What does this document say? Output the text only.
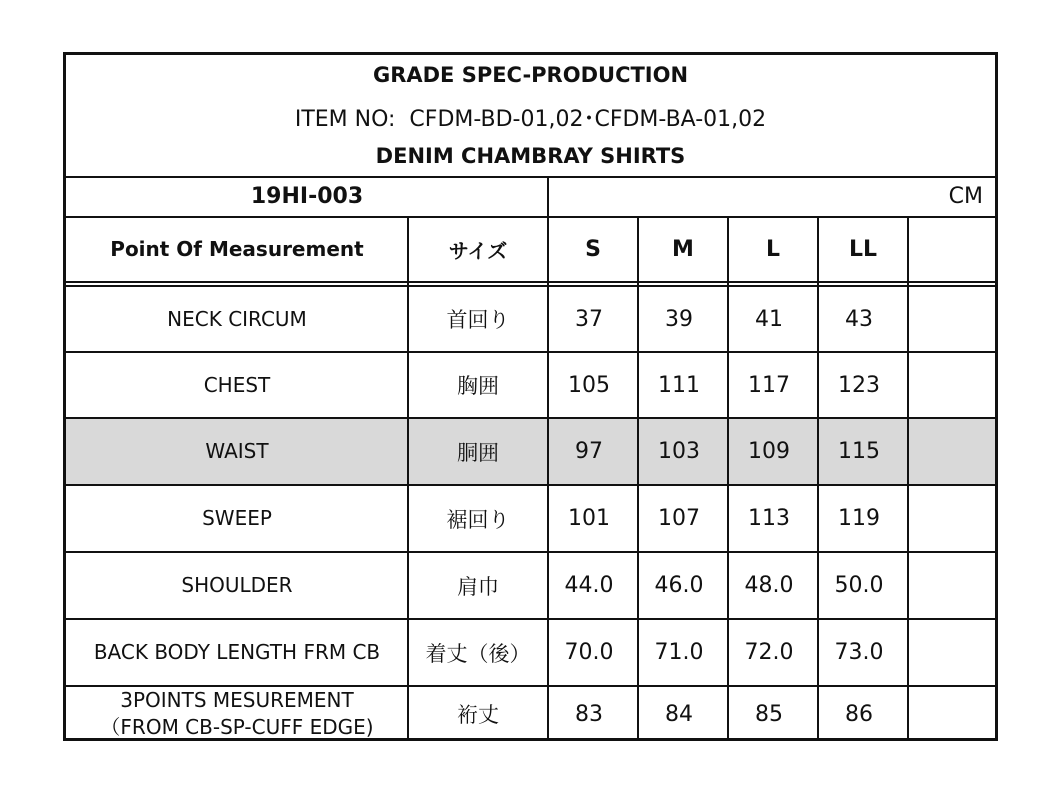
GRADE SPEC-PRODUCTION
ITEM NO:  CFDM-BD-01,02･CFDM-BA-01,02
DENIM CHAMBRAY SHIRTS
19HI-003	CM
Point Of Measurement	サイズ	S	M	L	LL
NECK CIRCUM	首回り	37	39	41	43
CHEST	胸囲	105	111	117	123
WAIST	胴囲	97	103	109	115
SWEEP	裾回り	101	107	113	119
SHOULDER	肩巾	44.0	46.0	48.0	50.0
BACK BODY LENGTH FRM CB	着丈（後）	70.0	71.0	72.0	73.0
3POINTS MESUREMENT
（FROM CB-SP-CUFF EDGE)	裄丈	83	84	85	86
